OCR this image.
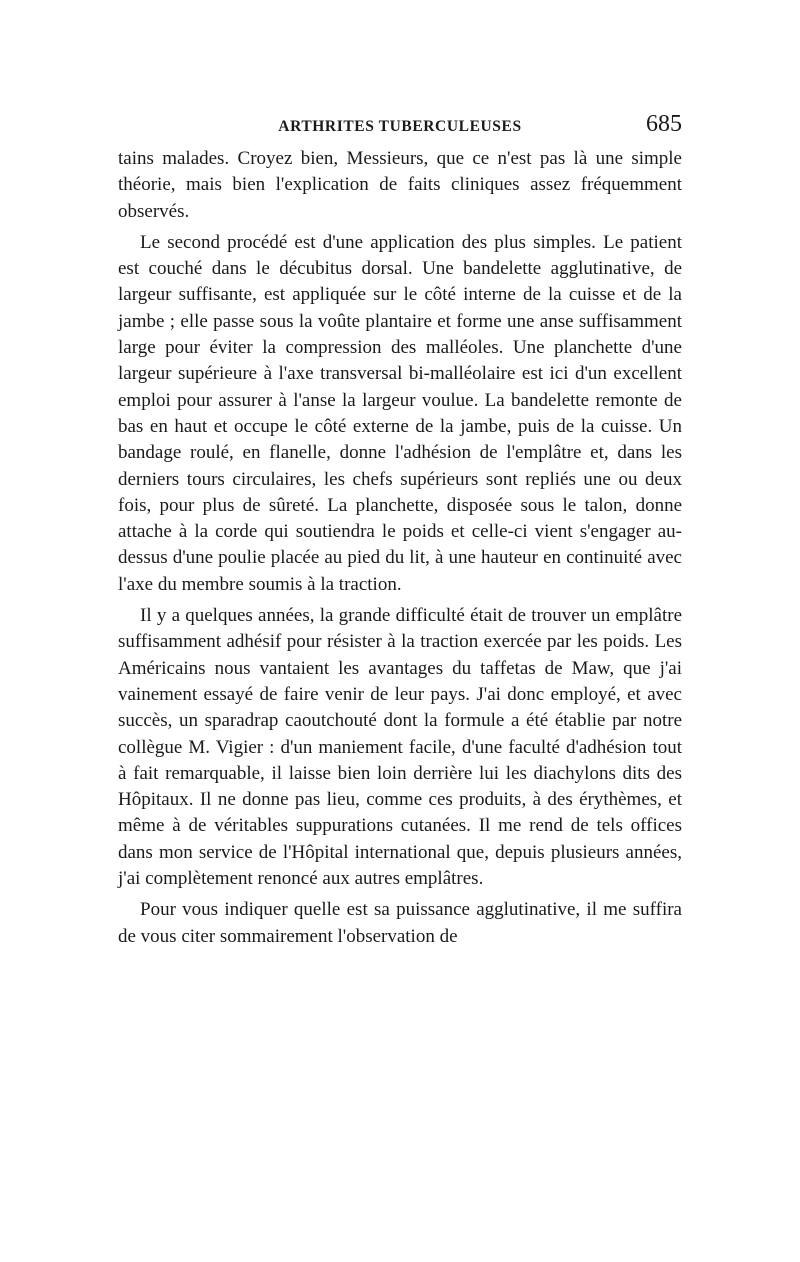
ARTHRITES TUBERCULEUSES	685

tains malades. Croyez bien, Messieurs, que ce n'est pas là une simple théorie, mais bien l'explication de faits cliniques assez fréquemment observés.

Le second procédé est d'une application des plus simples. Le patient est couché dans le décubitus dorsal. Une bandelette agglutinative, de largeur suffisante, est appliquée sur le côté interne de la cuisse et de la jambe ; elle passe sous la voûte plantaire et forme une anse suffisamment large pour éviter la compression des malléoles. Une planchette d'une largeur supérieure à l'axe transversal bi-malléolaire est ici d'un excellent emploi pour assurer à l'anse la largeur voulue. La bandelette remonte de bas en haut et occupe le côté externe de la jambe, puis de la cuisse. Un bandage roulé, en flanelle, donne l'adhésion de l'emplâtre et, dans les derniers tours circulaires, les chefs supérieurs sont repliés une ou deux fois, pour plus de sûreté. La planchette, disposée sous le talon, donne attache à la corde qui soutiendra le poids et celle-ci vient s'engager au-dessus d'une poulie placée au pied du lit, à une hauteur en continuité avec l'axe du membre soumis à la traction.

Il y a quelques années, la grande difficulté était de trouver un emplâtre suffisamment adhésif pour résister à la traction exercée par les poids. Les Américains nous vantaient les avantages du taffetas de Maw, que j'ai vainement essayé de faire venir de leur pays. J'ai donc employé, et avec succès, un sparadrap caoutchouté dont la formule a été établie par notre collègue M. Vigier : d'un maniement facile, d'une faculté d'adhésion tout à fait remarquable, il laisse bien loin derrière lui les diachylons dits des Hôpitaux. Il ne donne pas lieu, comme ces produits, à des érythèmes, et même à de véritables suppurations cutanées. Il me rend de tels offices dans mon service de l'Hôpital international que, depuis plusieurs années, j'ai complètement renoncé aux autres emplâtres.

Pour vous indiquer quelle est sa puissance agglutinative, il me suffira de vous citer sommairement l'observation de
